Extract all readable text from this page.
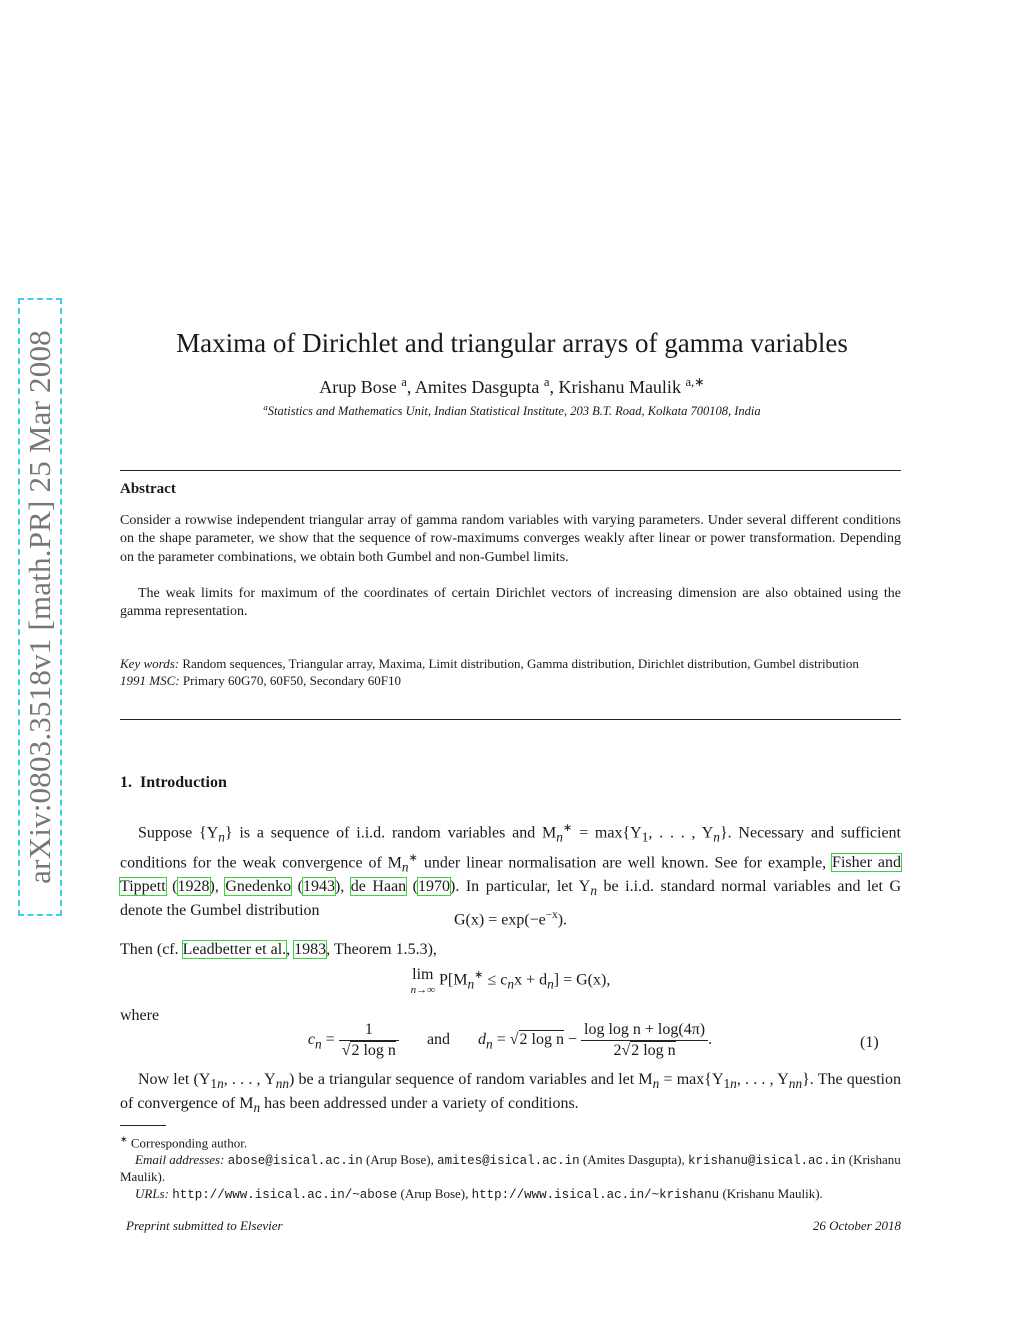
arXiv:0803.3518v1 [math.PR] 25 Mar 2008	Maxima of Dirichlet and triangular arrays of gamma variables
Arup Bose $^a$, Amites Dasgupta $^a$, Krishanu Maulik $^{a,∗}$
$^a$Statistics and Mathematics Unit, Indian Statistical Institute, 203 B.T. Road, Kolkata 700108, India
Abstract
Consider a rowwise independent triangular array of gamma random variables with varying parameters. Under several different conditions on the shape parameter, we show that the sequence of row-maximums converges weakly after linear or power transformation. Depending on the parameter combinations, we obtain both Gumbel and non-Gumbel limits.
The weak limits for maximum of the coordinates of certain Dirichlet vectors of increasing dimension are also obtained using the gamma representation.
Key words: Random sequences, Triangular array, Maxima, Limit distribution, Gamma distribution, Dirichlet distribution, Gumbel distribution
1991 MSC: Primary 60G70, 60F50, Secondary 60F10
1. Introduction
Suppose $\{Y_n\}$ is a sequence of i.i.d. random variables and $M_n^∗ = \max\{Y_1$, . . . , $Y_n$}. Necessary and sufficient conditions for the weak convergence of $M_n^∗$ under linear normalisation are well known. See for example, Fisher and Tippett (1928), Gnedenko (1943), de Haan (1970). In particular, let $Y_n$ be i.i.d. standard normal variables and let G denote the Gumbel distribution
$G(x) = \exp(-e^{-x})$.
Then (cf. Leadbetter et al., 1983, Theorem 1.5.3),
lim
n→∞ $P[M_n^∗ \le c_nx + d_n] = G(x)$,
where
$c_n = \frac{1}{\text{√2 log n}}$ and $d_n = √2$ $\log n - \frac{\text{log log n + log(4π)}}{\text{2√2 log n}}$ .	(1)
Now let ($Y_{1n}$, . . . , $Y_{nn}$) be a triangular sequence of random variables and let $M_n = \max\{Y_{1n}$, . . . , $Y_{nn}$}. The question of convergence of $M_n$ has been addressed under a variety of conditions.
∗ Corresponding author.
Email addresses: abose@isical.ac.in (Arup Bose), amites@isical.ac.in (Amites Dasgupta), krishanu@isical.ac.in (Krishanu Maulik).
URLs: http://www.isical.ac.in/~abose (Arup Bose), http://www.isical.ac.in/~krishanu (Krishanu Maulik).
Preprint submitted to Elsevier	26 October 2018
